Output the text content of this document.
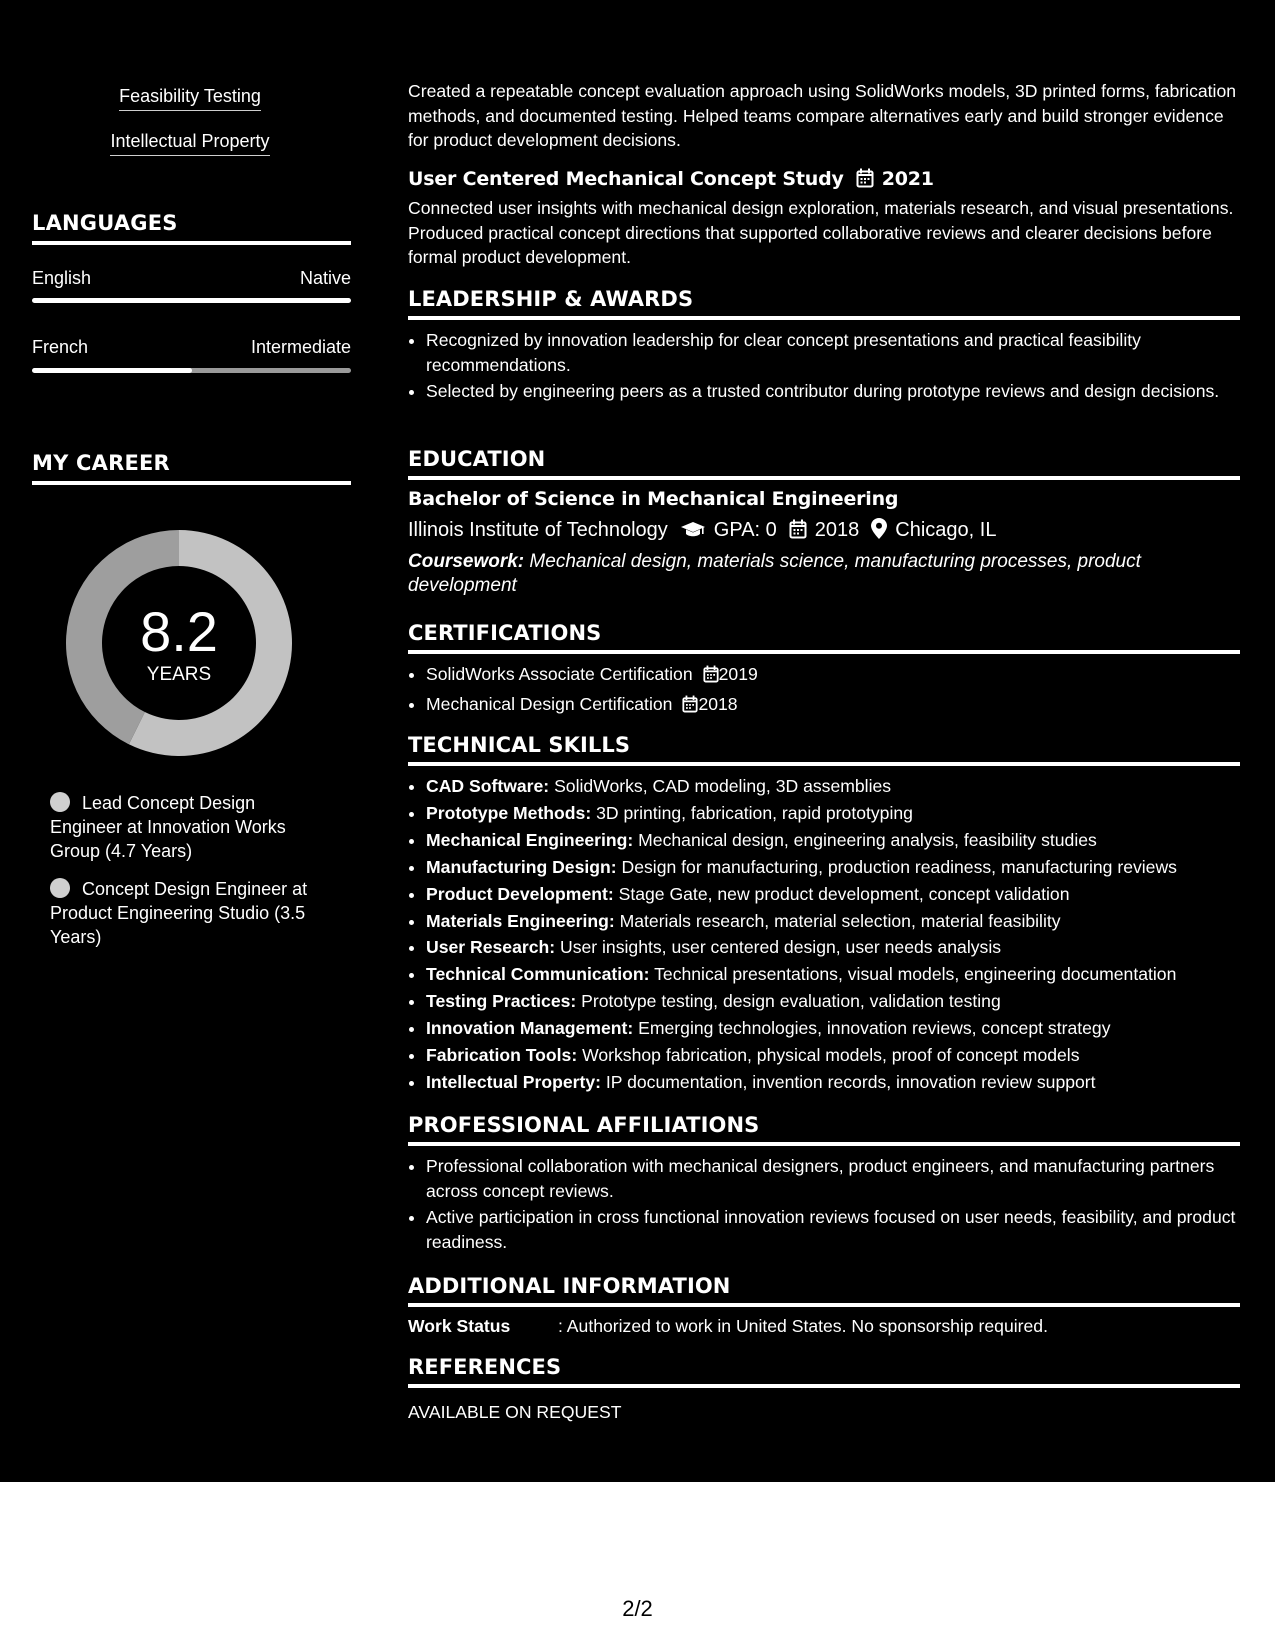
Feasibility Testing
Intellectual Property
LANGUAGES
English	Native
French	Intermediate
MY CAREER
8.2
YEARS
Lead Concept Design Engineer at Innovation Works Group (4.7 Years)
Concept Design Engineer at Product Engineering Studio (3.5 Years)
Created a repeatable concept evaluation approach using SolidWorks models, 3D printed forms, fabrication methods, and documented testing. Helped teams compare alternatives early and build stronger evidence for product development decisions.
User Centered Mechanical Concept Study 2021
Connected user insights with mechanical design exploration, materials research, and visual presentations. Produced practical concept directions that supported collaborative reviews and clearer decisions before formal product development.
LEADERSHIP & AWARDS
• Recognized by innovation leadership for clear concept presentations and practical feasibility recommendations.
• Selected by engineering peers as a trusted contributor during prototype reviews and design decisions.
EDUCATION
Bachelor of Science in Mechanical Engineering
Illinois Institute of Technology GPA: 0 2018 Chicago, IL
Coursework: Mechanical design, materials science, manufacturing processes, product development
CERTIFICATIONS
• SolidWorks Associate Certification 2019
• Mechanical Design Certification 2018
TECHNICAL SKILLS
• CAD Software: SolidWorks, CAD modeling, 3D assemblies
• Prototype Methods: 3D printing, fabrication, rapid prototyping
• Mechanical Engineering: Mechanical design, engineering analysis, feasibility studies
• Manufacturing Design: Design for manufacturing, production readiness, manufacturing reviews
• Product Development: Stage Gate, new product development, concept validation
• Materials Engineering: Materials research, material selection, material feasibility
• User Research: User insights, user centered design, user needs analysis
• Technical Communication: Technical presentations, visual models, engineering documentation
• Testing Practices: Prototype testing, design evaluation, validation testing
• Innovation Management: Emerging technologies, innovation reviews, concept strategy
• Fabrication Tools: Workshop fabrication, physical models, proof of concept models
• Intellectual Property: IP documentation, invention records, innovation review support
PROFESSIONAL AFFILIATIONS
• Professional collaboration with mechanical designers, product engineers, and manufacturing partners across concept reviews.
• Active participation in cross functional innovation reviews focused on user needs, feasibility, and product readiness.
ADDITIONAL INFORMATION
Work Status	: Authorized to work in United States. No sponsorship required.
REFERENCES
AVAILABLE ON REQUEST
2/2
